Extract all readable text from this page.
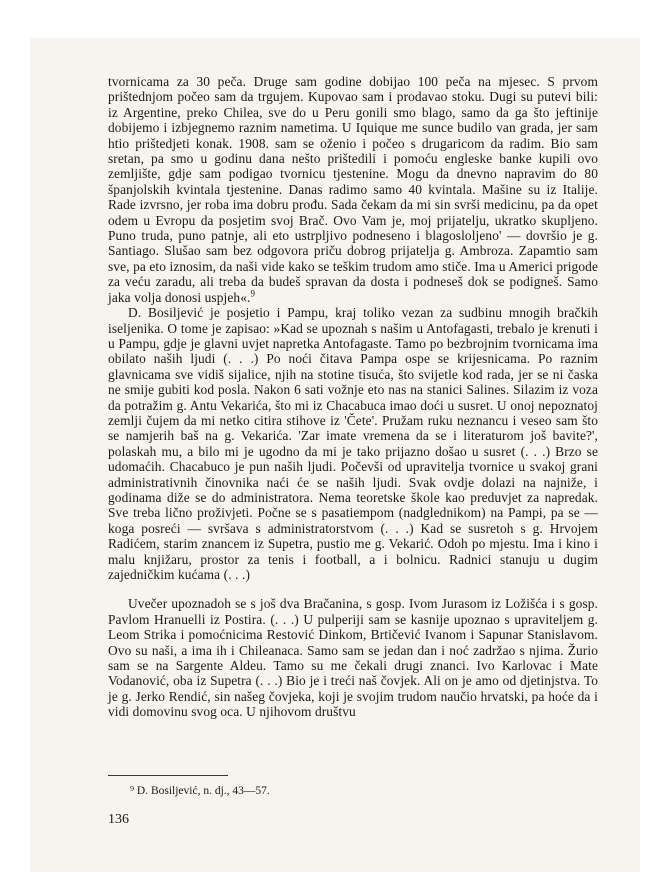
tvornicama za 30 peča. Druge sam godine dobijao 100 peča na mjesec. S prvom prištednjom počeo sam da trgujem. Kupovao sam i prodavao stoku. Dugi su putevi bili: iz Argentine, preko Chilea, sve do u Peru gonili smo blago, samo da ga što jeftinije dobijemo i izbjegnemo raznim nametima. U Iquique me sunce budilo van grada, jer sam htio prištedjeti konak. 1908. sam se oženio i počeo s drugaricom da radim. Bio sam sretan, pa smo u godinu dana nešto prištedili i pomoću engleske banke kupili ovo zemljište, gdje sam podigao tvornicu tjestenine. Mogu da dnevno napravim do 80 španjolskih kvintala tjestenine. Danas radimo samo 40 kvintala. Mašine su iz Italije. Rade izvrsno, jer roba ima dobru prođu. Sada čekam da mi sin svrši medicinu, pa da opet odem u Evropu da posjetim svoj Brač. Ovo Vam je, moj prijatelju, ukratko skupljeno. Puno truda, puno patnje, ali eto ustrpljivo podneseno i blagosloljeno' — dovršio je g. Santiago. Slušao sam bez odgovora priču dobrog prijatelja g. Ambroza. Zapamtio sam sve, pa eto iznosim, da naši vide kako se teškim trudom amo stiče. Ima u Americi prigode za veću zaradu, ali treba da budeš spravan da dosta i podneseš dok se podigneš. Samo jaka volja donosi uspjeh«.$^9$

D. Bosiljević je posjetio i Pampu, kraj toliko vezan za sudbinu mnogih bračkih iseljenika. O tome je zapisao: »Kad se upoznah s našim u Antofagasti, trebalo je krenuti i u Pampu, gdje je glavni uvjet napretka Antofagaste. Tamo po bezbrojnim tvornicama ima obilato naših ljudi (. . .) Po noći čitava Pampa ospe se krijesnicama. Po raznim glavnicama sve vidiš sijalice, njih na stotine tisuća, što svijetle kod rada, jer se ni časka ne smije gubiti kod posla. Nakon 6 sati vožnje eto nas na stanici Salines. Silazim iz voza da potražim g. Antu Vekarića, što mi iz Chacabuca imao doći u susret. U onoj nepoznatoj zemlji čujem da mi netko citira stihove iz 'Čete'. Pružam ruku neznancu i veseo sam što se namjerih baš na g. Vekarića. 'Zar imate vremena da se i literaturom još bavite?', polaskah mu, a bilo mi je ugodno da mi je tako prijazno došao u susret (. . .) Brzo se udomaćih. Chacabuco je pun naših ljudi. Počevši od upravitelja tvornice u svakoj grani administrativnih činovnika naći će se naših ljudi. Svak ovdje dolazi na najniže, i godinama diže se do administratora. Nema teoretske škole kao preduvjet za napredak. Sve treba lično proživjeti. Počne se s pasatiempom (nadglednikom) na Pampi, pa se — koga posreći — svršava s administratorstvom (. . .) Kad se susretoh s g. Hrvojem Radićem, starim znancem iz Supetra, pustio me g. Vekarić. Odoh po mjestu. Ima i kino i malu knjižaru, prostor za tenis i football, a i bolnicu. Radnici stanuju u dugim zajedničkim kućama (. . .)

Uvečer upoznadoh se s još dva Bračanina, s gosp. Ivom Jurasom iz Ložišća i s gosp. Pavlom Hranuelli iz Postira. (. . .) U pulperiji sam se kasnije upoznao s upraviteljem g. Leom Strika i pomoćnicima Restović Dinkom, Brtičević Ivanom i Sapunar Stanislavom. Ovo su naši, a ima ih i Chileanaca. Samo sam se jedan dan i noć zadržao s njima. Žurio sam se na Sargente Aldeu. Tamo su me čekali drugi znanci. Ivo Karlovac i Mate Vodanović, oba iz Supetra (. . .) Bio je i treći naš čovjek. Ali on je amo od djetinjstva. To je g. Jerko Rendić, sin našeg čovjeka, koji je svojim trudom naučio hrvatski, pa hoće da i vidi domovinu svog oca. U njihovom društvu

⁹ D. Bosiljević, n. dj., 43—57.
136
